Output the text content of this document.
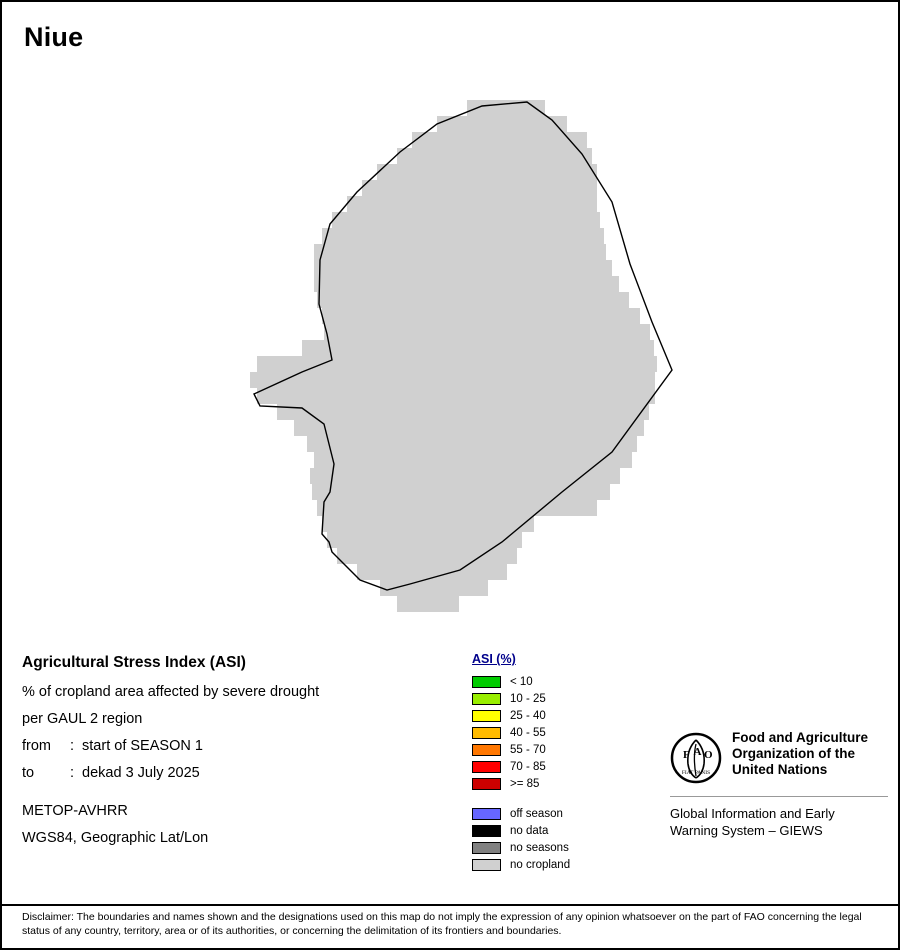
Niue
Agricultural Stress Index (ASI)
% of cropland area affected by severe drought
per GAUL 2 region
from : start of SEASON 1
to : dekad 3 July 2025
METOP-AVHRR
WGS84, Geographic Lat/Lon
ASI (%)
< 10
10 - 25
25 - 40
40 - 55
55 - 70
70 - 85
>= 85
off season
no data
no seasons
no cropland
F A O
FIAT PANIS
Food and Agriculture
Organization of the
United Nations
Global Information and Early
Warning System – GIEWS
Disclaimer: The boundaries and names shown and the designations used on this map do not imply the expression of any opinion whatsoever on the part of FAO concerning the legal status of any country, territory, area or of its authorities, or concerning the delimitation of its frontiers and boundaries.
